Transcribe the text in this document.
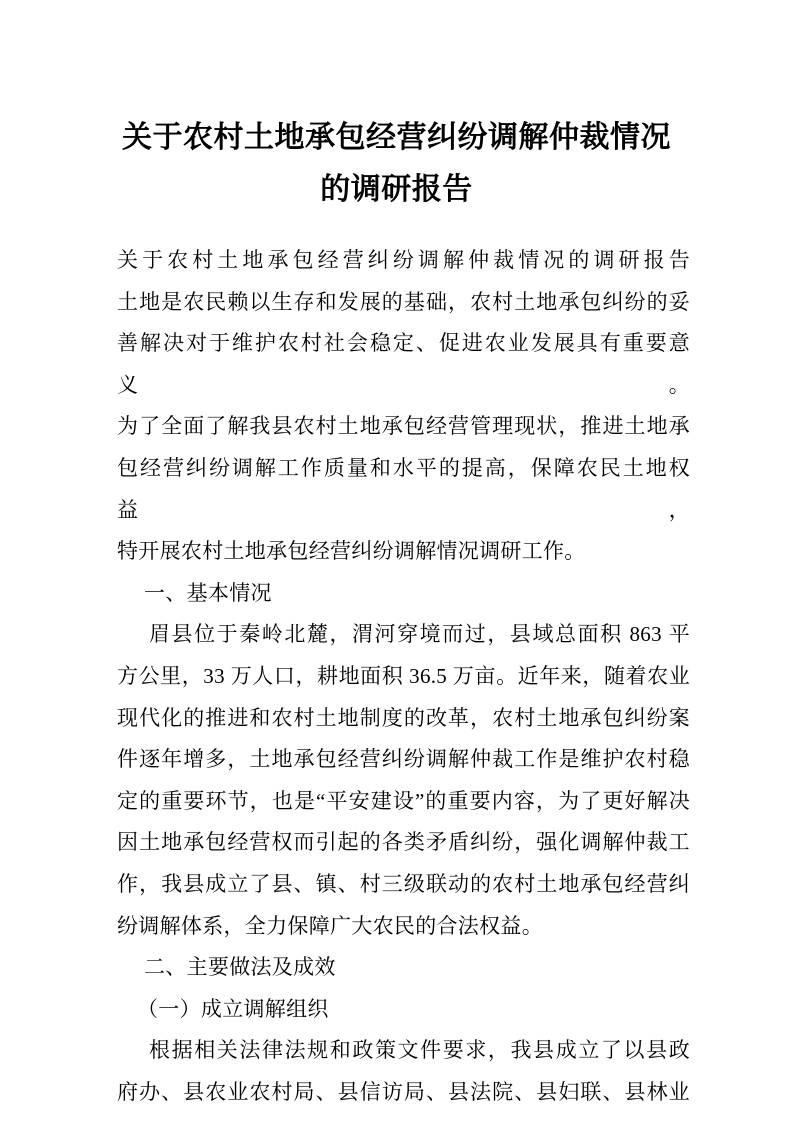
关于农村土地承包经营纠纷调解仲裁情况
的调研报告
关于农村土地承包经营纠纷调解仲裁情况的调研报告
土地是农民赖以生存和发展的基础，农村土地承包纠纷的妥
善解决对于维护农村社会稳定、促进农业发展具有重要意义。
为了全面了解我县农村土地承包经营管理现状，推进土地承
包经营纠纷调解工作质量和水平的提高，保障农民土地权益，
特开展农村土地承包经营纠纷调解情况调研工作。
一、基本情况
眉县位于秦岭北麓，渭河穿境而过，县域总面积 863 平
方公里，33 万人口，耕地面积 36.5 万亩。近年来，随着农业
现代化的推进和农村土地制度的改革，农村土地承包纠纷案
件逐年增多，土地承包经营纠纷调解仲裁工作是维护农村稳
定的重要环节，也是“平安建设”的重要内容，为了更好解决
因土地承包经营权而引起的各类矛盾纠纷，强化调解仲裁工
作，我县成立了县、镇、村三级联动的农村土地承包经营纠
纷调解体系，全力保障广大农民的合法权益。
二、主要做法及成效
（一）成立调解组织
根据相关法律法规和政策文件要求，我县成立了以县政
府办、县农业农村局、县信访局、县法院、县妇联、县林业
